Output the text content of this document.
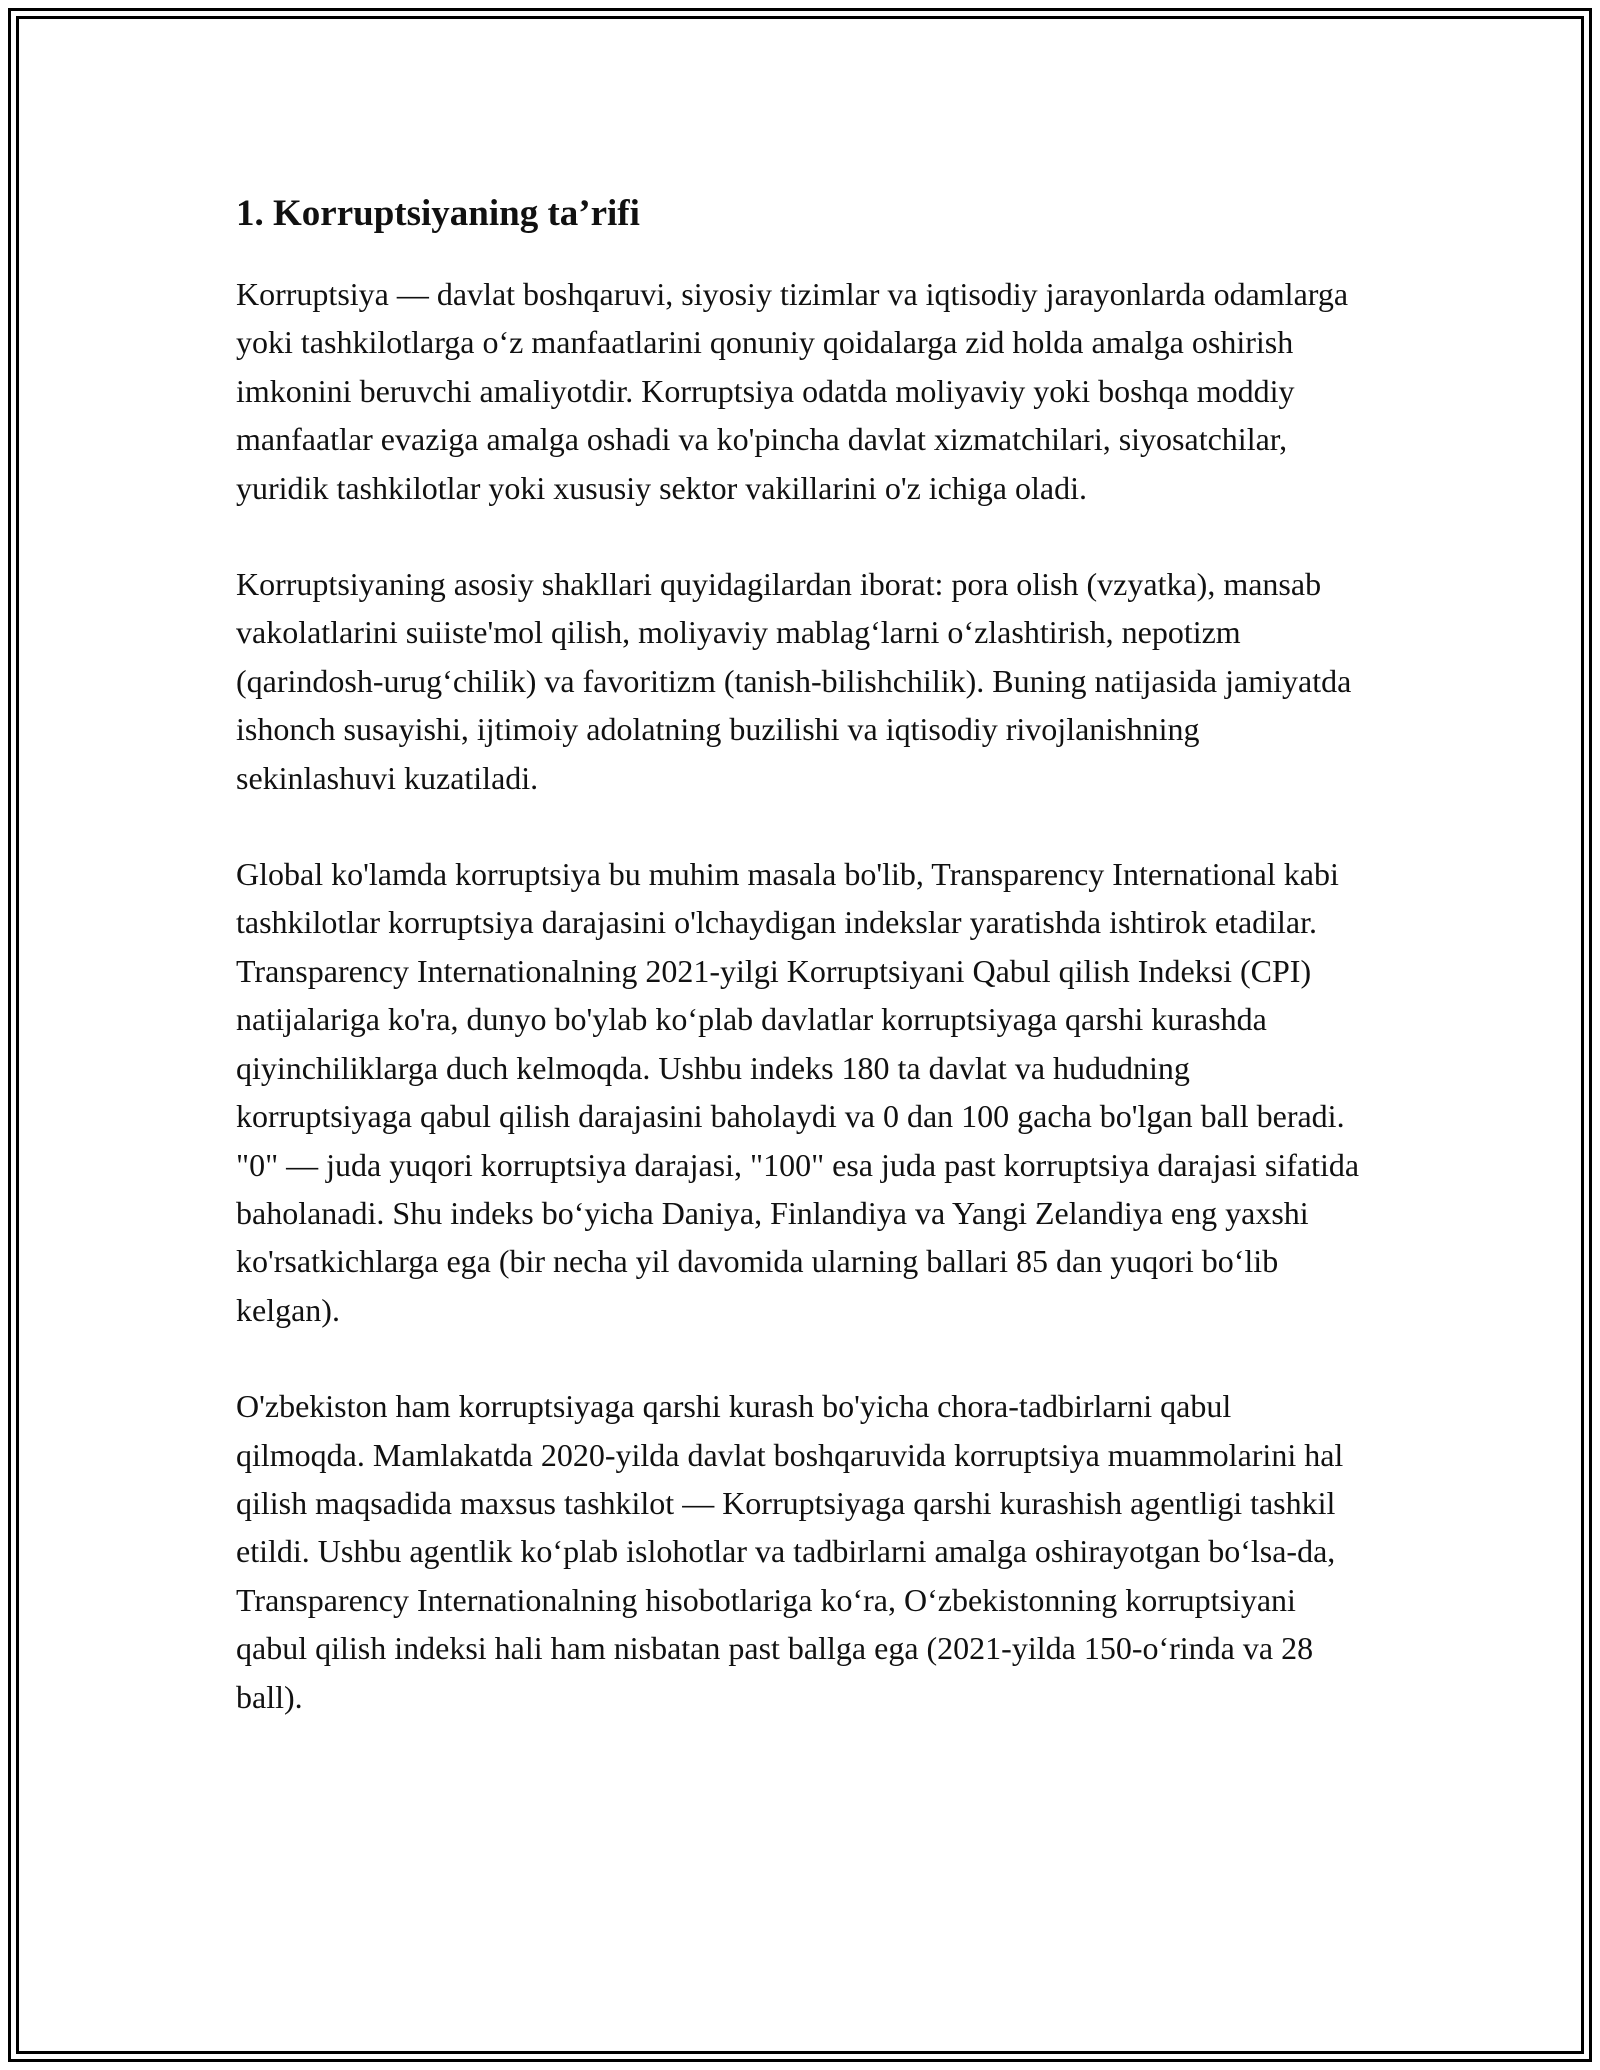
1. Korruptsiyaning ta’rifi

Korruptsiya — davlat boshqaruvi, siyosiy tizimlar va iqtisodiy jarayonlarda odamlarga yoki tashkilotlarga o‘z manfaatlarini qonuniy qoidalarga zid holda amalga oshirish imkonini beruvchi amaliyotdir. Korruptsiya odatda moliyaviy yoki boshqa moddiy manfaatlar evaziga amalga oshadi va ko'pincha davlat xizmatchilari, siyosatchilar, yuridik tashkilotlar yoki xususiy sektor vakillarini o'z ichiga oladi.

Korruptsiyaning asosiy shakllari quyidagilardan iborat: pora olish (vzyatka), mansab vakolatlarini suiiste'mol qilish, moliyaviy mablag‘larni o‘zlashtirish, nepotizm (qarindosh-urug‘chilik) va favoritizm (tanish-bilishchilik). Buning natijasida jamiyatda ishonch susayishi, ijtimoiy adolatning buzilishi va iqtisodiy rivojlanishning sekinlashuvi kuzatiladi.

Global ko'lamda korruptsiya bu muhim masala bo'lib, Transparency International kabi tashkilotlar korruptsiya darajasini o'lchaydigan indekslar yaratishda ishtirok etadilar. Transparency Internationalning 2021-yilgi Korruptsiyani Qabul qilish Indeksi (CPI) natijalariga ko'ra, dunyo bo'ylab ko‘plab davlatlar korruptsiyaga qarshi kurashda qiyinchiliklarga duch kelmoqda. Ushbu indeks 180 ta davlat va hududning korruptsiyaga qabul qilish darajasini baholaydi va 0 dan 100 gacha bo'lgan ball beradi. "0" — juda yuqori korruptsiya darajasi, "100" esa juda past korruptsiya darajasi sifatida baholanadi. Shu indeks bo‘yicha Daniya, Finlandiya va Yangi Zelandiya eng yaxshi ko'rsatkichlarga ega (bir necha yil davomida ularning ballari 85 dan yuqori bo‘lib kelgan).

O'zbekiston ham korruptsiyaga qarshi kurash bo'yicha chora-tadbirlarni qabul qilmoqda. Mamlakatda 2020-yilda davlat boshqaruvida korruptsiya muammolarini hal qilish maqsadida maxsus tashkilot — Korruptsiyaga qarshi kurashish agentligi tashkil etildi. Ushbu agentlik ko‘plab islohotlar va tadbirlarni amalga oshirayotgan bo‘lsa-da, Transparency Internationalning hisobotlariga ko‘ra, O‘zbekistonning korruptsiyani qabul qilish indeksi hali ham nisbatan past ballga ega (2021-yilda 150-o‘rinda va 28 ball).
